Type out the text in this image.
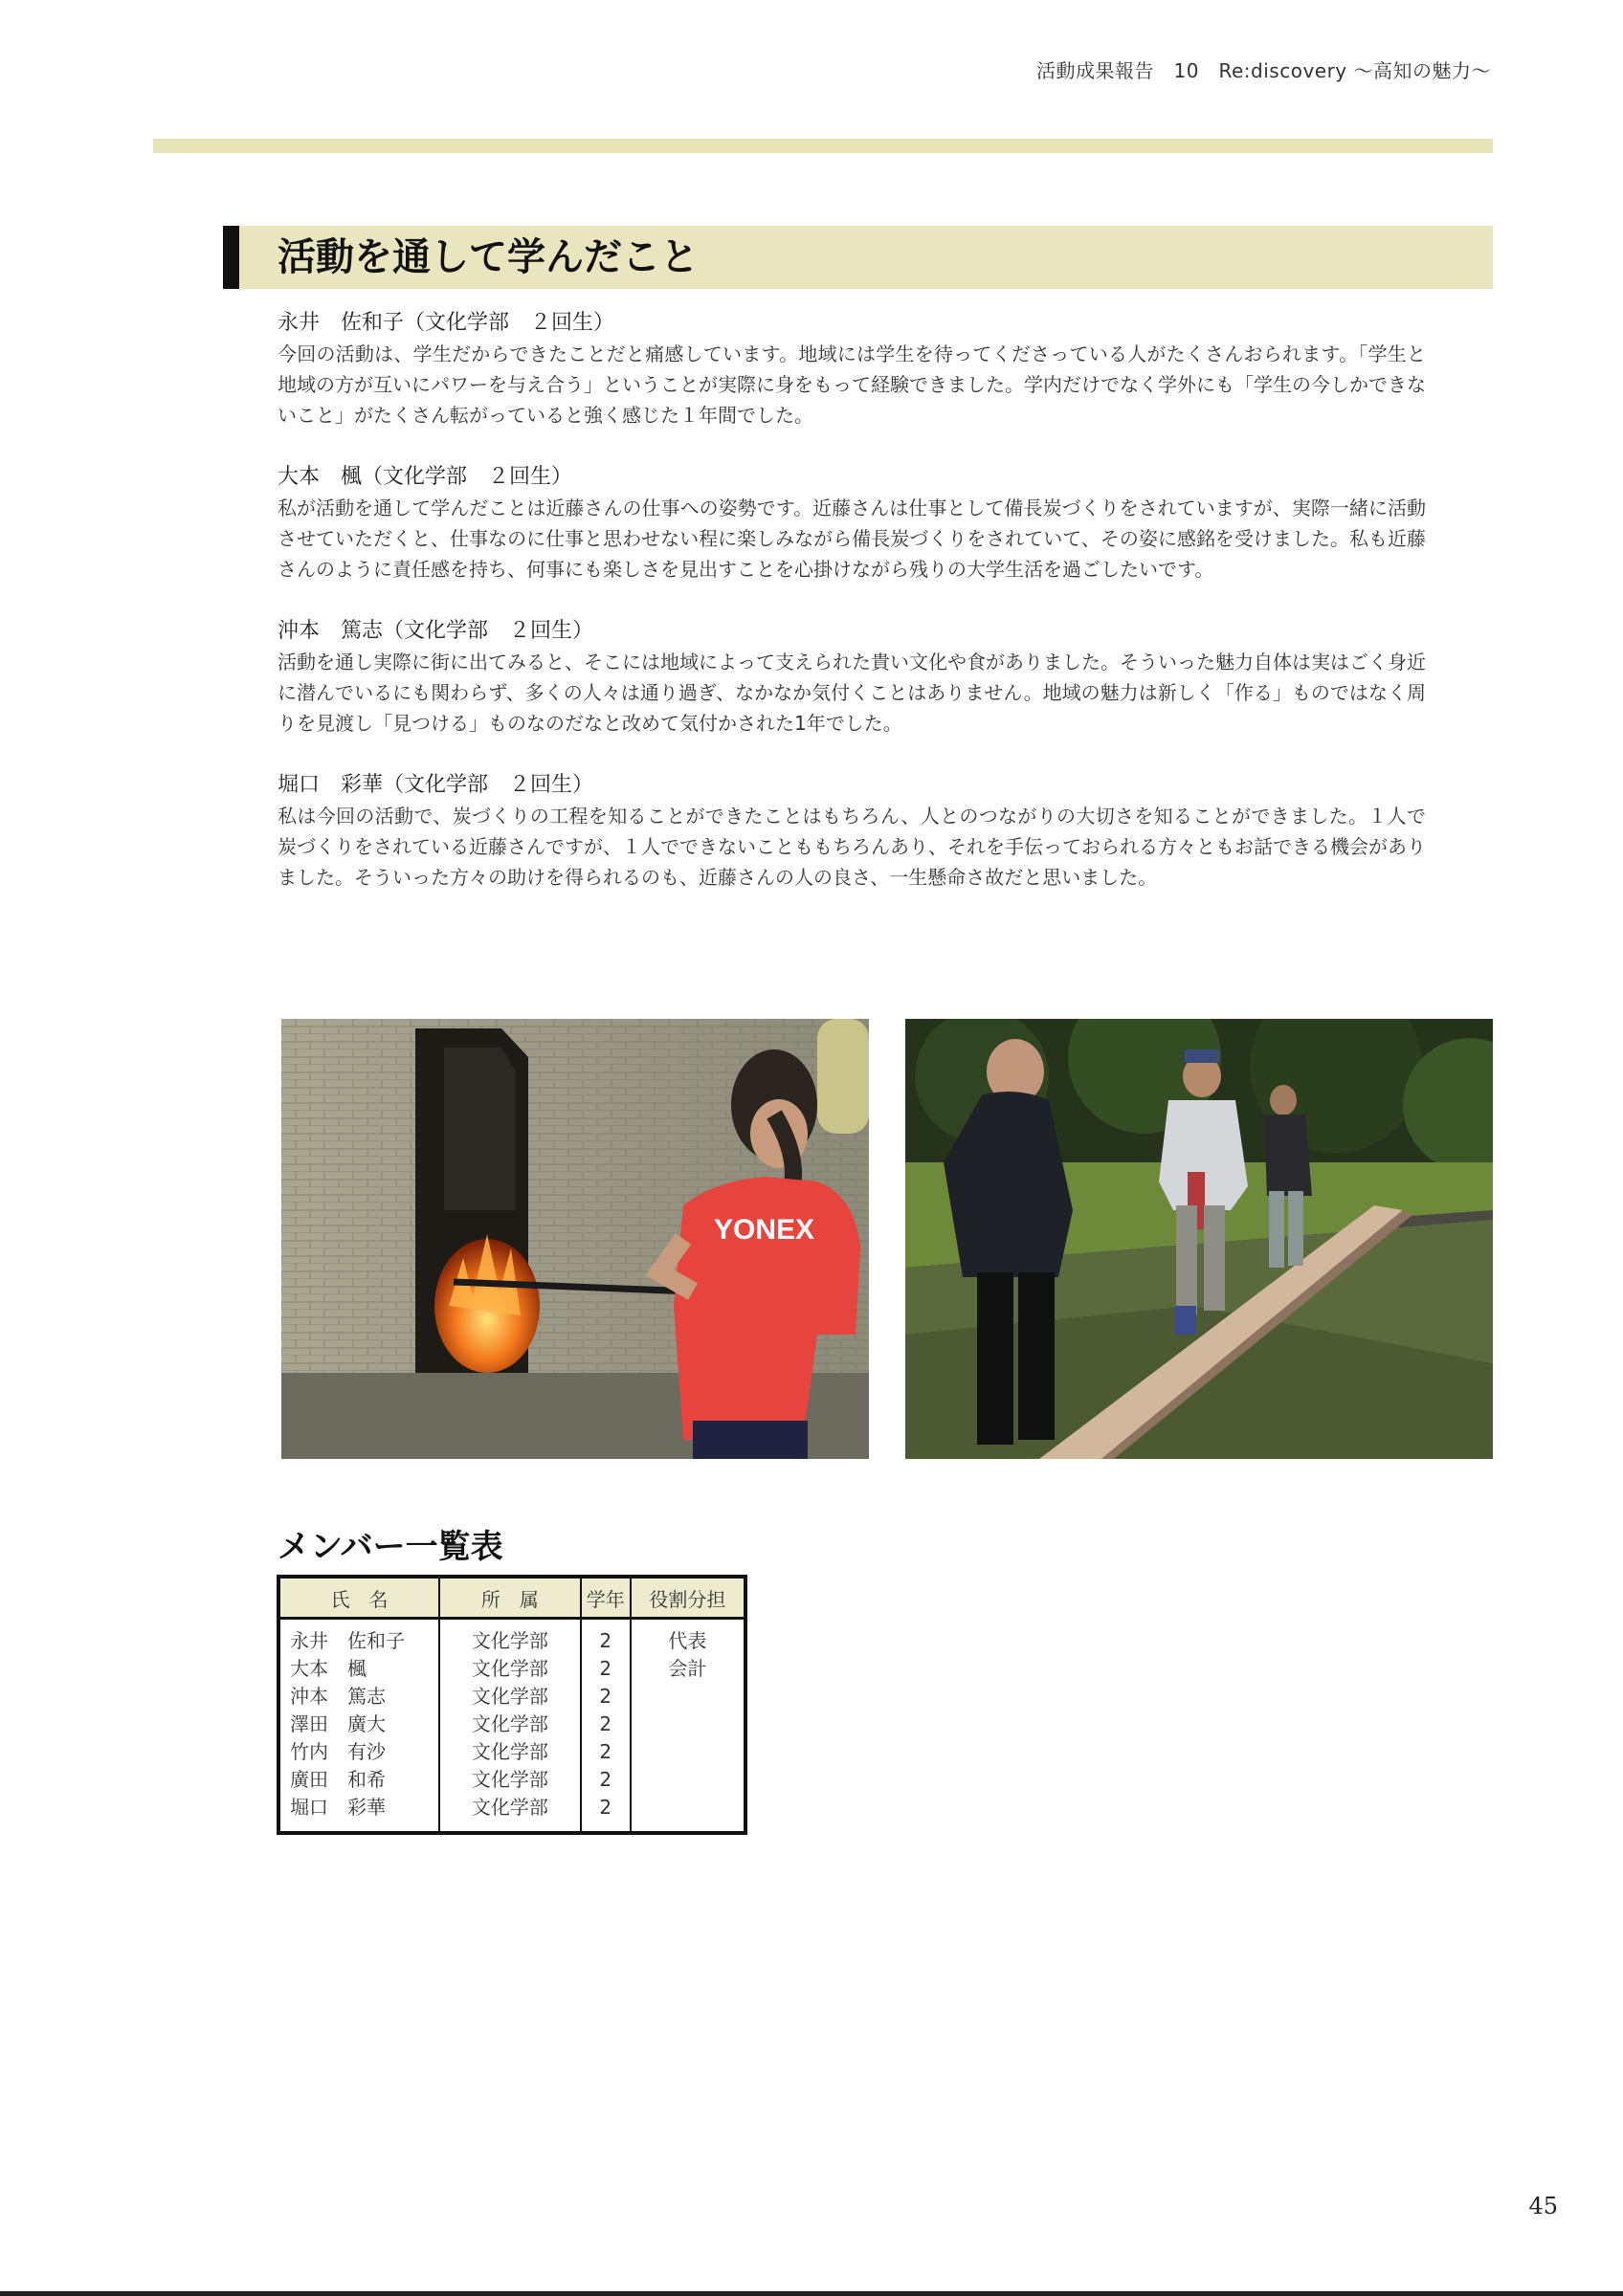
活動成果報告　10　Re:discovery 〜高知の魅力〜
活動を通して学んだこと
永井　佐和子（文化学部　２回生）

今回の活動は、学生だからできたことだと痛感しています。地域には学生を待ってくださっている人がたくさんおられます。「学生と地域の方が互いにパワーを与え合う」ということが実際に身をもって経験できました。学内だけでなく学外にも「学生の今しかできないこと」がたくさん転がっていると強く感じた１年間でした。

大本　楓（文化学部　２回生）

私が活動を通して学んだことは近藤さんの仕事への姿勢です。近藤さんは仕事として備長炭づくりをされていますが、実際一緒に活動させていただくと、仕事なのに仕事と思わせない程に楽しみながら備長炭づくりをされていて、その姿に感銘を受けました。私も近藤さんのように責任感を持ち、何事にも楽しさを見出すことを心掛けながら残りの大学生活を過ごしたいです。

沖本　篤志（文化学部　２回生）

活動を通し実際に街に出てみると、そこには地域によって支えられた貴い文化や食がありました。そういった魅力自体は実はごく身近に潜んでいるにも関わらず、多くの人々は通り過ぎ、なかなか気付くことはありません。地域の魅力は新しく「作る」ものではなく周りを見渡し「見つける」ものなのだなと改めて気付かされた1年でした。

堀口　彩華（文化学部　２回生）

私は今回の活動で、炭づくりの工程を知ることができたことはもちろん、人とのつながりの大切さを知ることができました。１人で炭づくりをされている近藤さんですが、１人でできないことももちろんあり、それを手伝っておられる方々ともお話できる機会がありました。そういった方々の助けを得られるのも、近藤さんの人の良さ、一生懸命さ故だと思いました。

YONEX
メンバー一覧表
氏　名	所　属	学年	役割分担
永井　佐和子	文化学部	2	代表
大本　楓	文化学部	2	会計
沖本　篤志	文化学部	2	
澤田　廣大	文化学部	2	
竹内　有沙	文化学部	2	
廣田　和希	文化学部	2	
堀口　彩華	文化学部	2	
45
